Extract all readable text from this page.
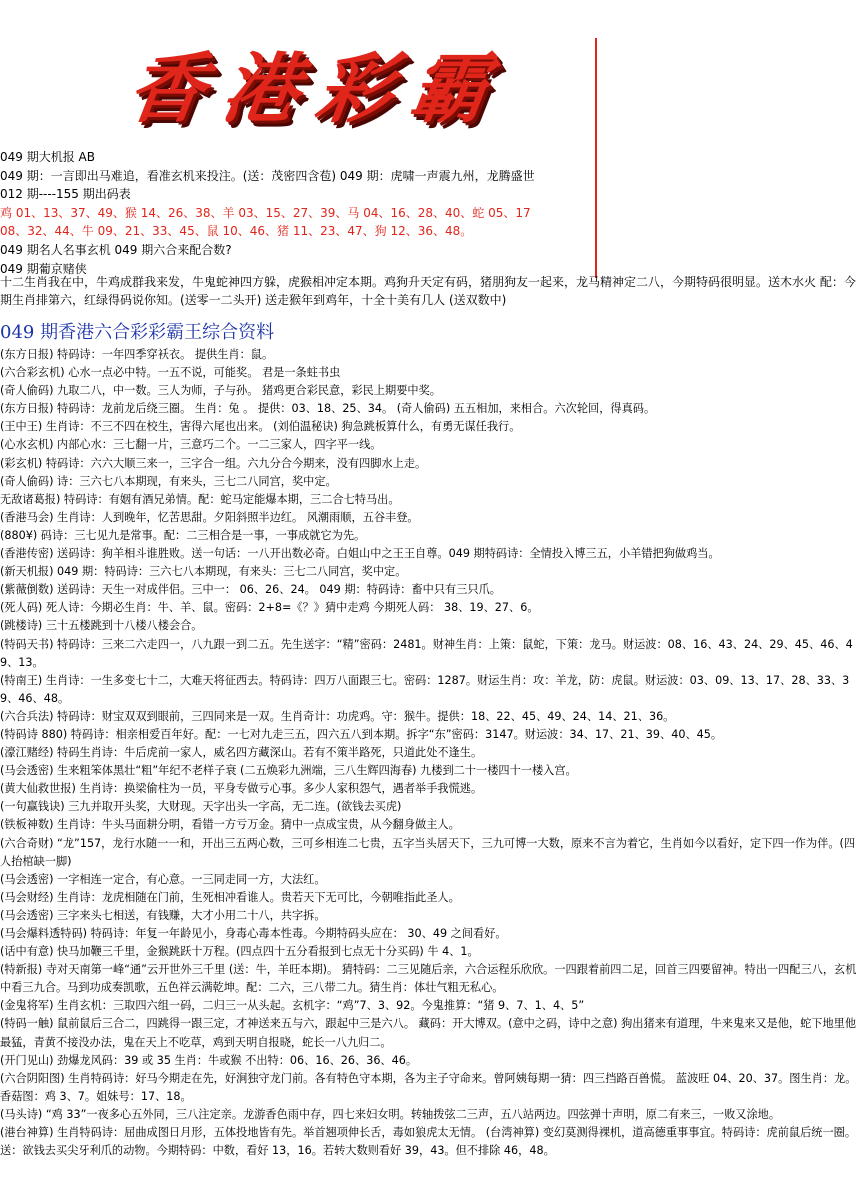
香港彩霸
049 期大机报 AB
049 期：一言即出马难追，看准玄机来投注。(送：茂密四含苞) 049 期：虎啸一声震九州，龙腾盛世
012 期----155 期出码表
鸡 01、13、37、49、猴 14、26、38、羊 03、15、27、39、马 04、16、28、40、蛇 05、17
08、32、44、牛 09、21、33、45、鼠 10、46、猪 11、23、47、狗 12、36、48。
049 期名人名事玄机 049 期六合来配合数?
049 期葡京赌侠
十二生肖我在中，牛鸡成群我来发，牛鬼蛇神四方躲，虎猴相冲定本期。鸡狗升天定有码，猪朋狗友一起来，龙马精神定二八，今期特码很明显。送木水火 配：今期生肖排第六，红绿得码说你知。(送零一二头开) 送走猴年到鸡年，十全十美有几人 (送双数中)
049 期香港六合彩彩霸王综合资料
(东方日报) 特码诗：一年四季穿袄衣。 提供生肖：鼠。
(六合彩玄机) 心水一点必中特。一五不说，可能奖。 君是一条蛀书虫
(奇人偷码) 九取二八，中一数。三人为师，子与孙。 猪鸡更合彩民意，彩民上期要中奖。
(东方日报) 特码诗：龙前龙后绕三圈。 生肖：兔 。 提供：03、18、25、34。 (奇人偷码) 五五相加，来相合。六次轮回，得真码。
(王中王) 生肖诗：不三不四在校生，害得六尾也出来。 (刘伯温秘诀) 狗急跳板算什么，有勇无谋任我行。
(心水玄机) 内部心水：三七翻一片，三意巧二个。一二三家人，四字平一线。
(彩玄机) 特码诗：六六大顺三来一，三字合一组。六九分合今期来，没有四脚水上走。
(奇人偷码) 诗：三六七八本期现，有来头，三七二八同宫，奖中定。
无敌诸葛报) 特码诗：有姻有酒兄弟情。配：蛇马定能爆本期，三二合七特马出。
(香港马会) 生肖诗：人到晚年，忆苦思甜。夕阳斜照半边红。 风潮雨顺，五谷丰登。
(880¥) 码诗：三七见九是常事。配：二三相合是一事，一事成就它为先。
(香港传密) 送码诗：狗羊相斗谁胜败。送一句话：一八开出数必奇。白姐山中之王王自尊。049 期特码诗：全情投入博三五，小羊错把狗做鸡当。
(新天机报) 049 期：特码诗：三六七八本期现，有来头：三七二八同宫，奖中定。
(紫薇倒数) 送码诗：天生一对成伴侣。三中一： 06、26、24。 049 期：特码诗：畜中只有三只爪。
(死人码) 死人诗：今期必生肖：牛、羊、鼠。密码：2+8=《？》猜中走鸡 今期死人码： 38、19、27、6。
(跳楼诗) 三十五楼跳到十八楼八楼会合。
(特码天书) 特码诗：三来二六走四一，八九跟一到二五。先生送字：“精”密码：2481。财神生肖：上策：鼠蛇，下策：龙马。财运波：08、16、43、24、29、45、46、49、13。
(特南王) 生肖诗：一生多变七十二，大难天将征西去。特码诗：四万八面跟三七。密码：1287。财运生肖：攻：羊龙，防：虎鼠。财运波：03、09、13、17、28、33、39、46、48。
(六合兵法) 特码诗：财宝双双到眼前，三四同来是一双。生肖奇计：功虎鸡。守：猴牛。提供：18、22、45、49、24、14、21、36。
(特码诗 880) 特码诗：相亲相爱百年好。配：一七对九走三五，四六五八到本期。拆字“东”密码：3147。财运波：34、17、21、39、40、45。
(濠江赌经) 特码生肖诗：牛后虎前一家人，威名四方藏深山。若有不策半路死，只道此处不逢生。
(马会透密) 生来粗笨体黑壮“粗”年纪不老样子衰 (二五焕彩九洲端，三八生辉四海春) 九楼到二十一楼四十一楼入宫。
(黄大仙救世报) 生肖诗：换梁偷柱为一员，平身专做亏心事。多少人家积怨气，遇者举手我慌逃。
(一句赢钱诀) 三九并取开头奖，大财现。天字出头一字高，无二连。(欲钱去买虎)
(铁板神数) 生肖诗：牛头马面耕分明，看错一方亏万金。猜中一点成宝贵，从今翻身做主人。
(六合奇财) “龙”157，龙行水随一一和，开出三五两心数，三可乡相连二七贵，五字当头居天下，三九可博一大数，原来不言为着它，生肖如今以看好，定下四一作为伴。(四人抬棺缺一脚)
(马会透密) 一字相连一定合，有心意。一三同走同一方，大法红。
(马会财经) 生肖诗：龙虎相随在门前，生死相冲看谁人。贵若天下无可比，今朝唯指此圣人。
(马会透密) 三字来头七相送，有钱赚，大才小用二十八，共字拆。
(马会爆料透特码) 特码诗：年复一年龄见小，身毒心毒本性毒。今期特码头应在： 30、49 之间看好。
(话中有意) 快马加鞭三千里，金猴跳跃十万程。(四点四十五分看报到七点无十分买码) 牛 4、1。
(特新报) 寺对天南第一峰“通”云开世外三千里 (送：牛，羊旺本期)。 猜特码：二三见随后亲，六合运程乐欣欣。一四跟着前四二足，回首三四要留神。特出一四配三八，玄机中看三九合。马到功成奏凯歌，五色祥云满乾坤。配：二六，三八带二九。猜生肖：体壮气粗无私心。
(金鬼将军) 生肖玄机：三取四六组一码，二归三一从头起。玄机字：“鸡”7、3、92。今鬼推算：“猪 9、7、1、4、5”
(特码一触) 鼠前鼠后三合二，四跳得一跟三定，才神送来五与六，跟起中三是六八。 藏码：开大博双。(意中之码，诗中之意) 狗出猪来有道理，牛来鬼来又是他，蛇下地里他最猛，青黄不接没办法，鬼在天上不吃草，鸡到天明自报晓，蛇长一八九归二。
(开门见山) 劲爆龙风码：39 或 35 生肖：牛或猴 不出特：06、16、26、36、46。
(六合阴阳图) 生肖特码诗：好马今期走在先，好涧独守龙门前。各有特色守本期，各为主子守命来。曾阿姨每期一猜：四三挡路百兽慌。 蓝波旺 04、20、37。图生肖：龙。香菇图：鸡 3、7。姐妹号：17、18。
(马头诗) “鸡 33”一夜多心五外同，三八注定亲。龙游香色雨中存，四七来妇女明。转轴拨弦二三声，五八站两边。四弦弹十声明，原二有来三，一败又涂地。
(港台神算) 生肖特码诗：屈曲成图日月形，五体投地皆有先。举首翘项伸长舌，毒如狼虎太无情。 (台湾神算) 变幻莫测得裸机，道高德重事事宜。特码诗：虎前鼠后统一圈。送：欲钱去买尖牙利爪的动物。今期特码：中数，看好 13，16。若转大数则看好 39，43。但不排除 46，48。
